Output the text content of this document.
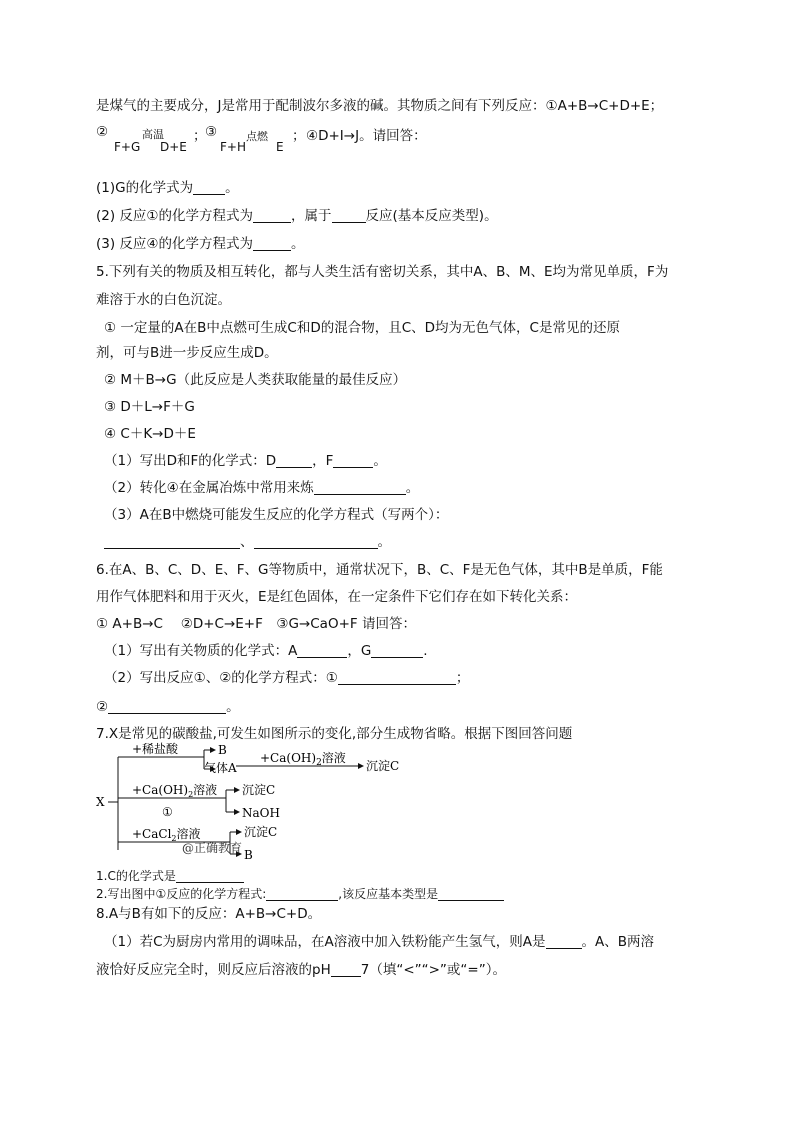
是煤气的主要成分，J是常用于配制波尔多液的碱。其物质之间有下列反应：①A+B→C+D+E；
②	高温
F+G D+E
；
③	点燃
F+H	E
； ④D+I→J。请回答：
(1)G的化学式为 。
(2) 反应①的化学方程式为	，属于	反应(基本反应类型)。
(3) 反应④的化学方程式为	。
5.下列有关的物质及相互转化，都与人类生活有密切关系，其中A、B、M、E均为常见单质，F为
难溶于水的白色沉淀。
① 一定量的A在B中点燃可生成C和D的混合物，且C、D均为无色气体，C是常见的还原
剂，可与B进一步反应生成D。
② M＋B→G（此反应是人类获取能量的最佳反应）
③ D＋L→F＋G
④ C＋K→D＋E
（1）写出D和F的化学式：D	，F	。
（2）转化④在金属冶炼中常用来炼	。
（3）A在B中燃烧可能发生反应的化学方程式（写两个）：
、	。
6.在A、B、C、D、E、F、G等物质中，通常状况下，B、C、F是无色气体，其中B是单质，F能
用作气体肥料和用于灭火，E是红色固体，在一定条件下它们存在如下转化关系：
① A+B→C　 ②D+C→E+F　③G→CaO+F 请回答：
（1）写出有关物质的化学式：A	，G	.
（2）写出反应①、②的化学方程式：①	；
②	。
7.X是常见的碳酸盐,可发生如图所示的变化,部分生成物省略。根据下图回答问题
X
+稀盐酸	B
气体A
$+Ca(OH)_2$溶液
沉淀C
$+Ca(OH)_2$溶液
①
沉淀C
NaOH
+CaCl$_2$溶液	沉淀C
B
@正确教育
1.C的化学式是
2.写出图中①反应的化学方程式:	,该反应基本类型是
8.A与B有如下的反应：A+B→C+D。
（1）若C为厨房内常用的调味品，在A溶液中加入铁粉能产生氢气，则A是	。A、B两溶
液恰好反应完全时，则反应后溶液的pH 7（填“<”“>”或“=”）。
